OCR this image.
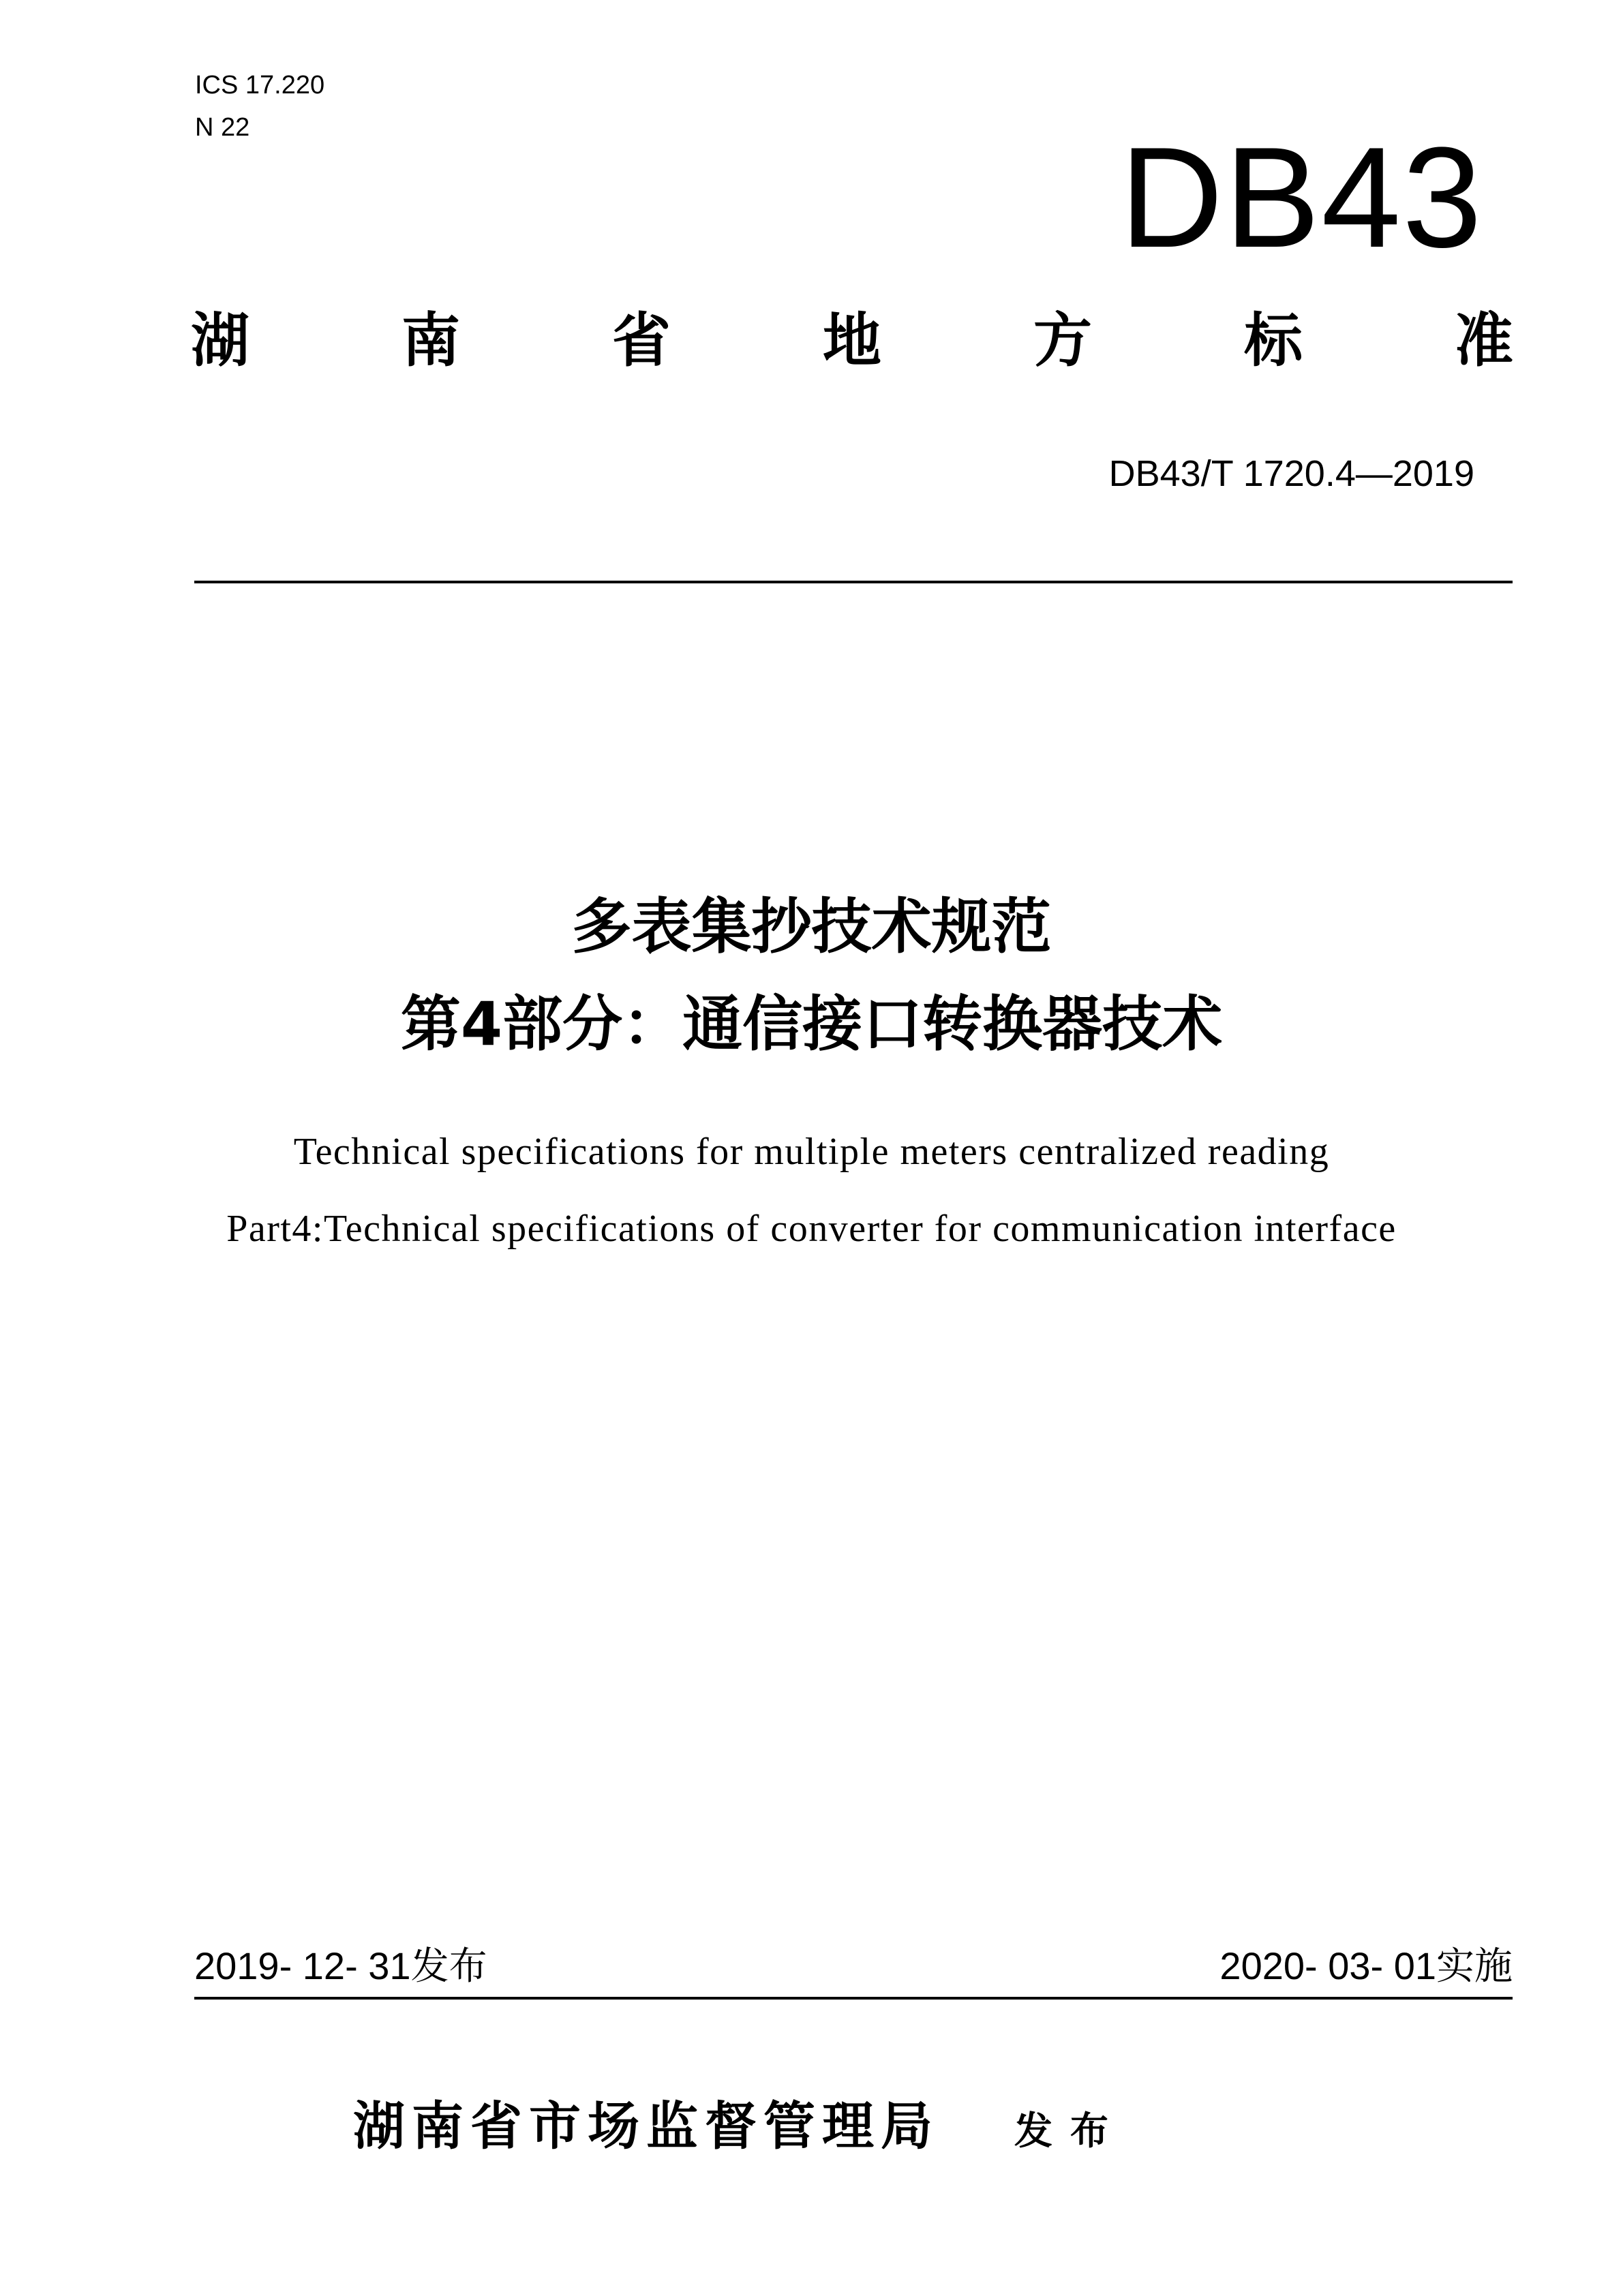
ICS 17.220
N 22	DB43
湖	南	省	地	方	标	准
DB43/T 1720.4—2019
多表集抄技术规范
第4部分：通信接口转换器技术
Technical specifications for multiple meters centralized reading
Part4:Technical specifications of converter for communication interface
2019- 12- 31发布	2020- 03- 01实施
湖南省市场监督管理局 发布
